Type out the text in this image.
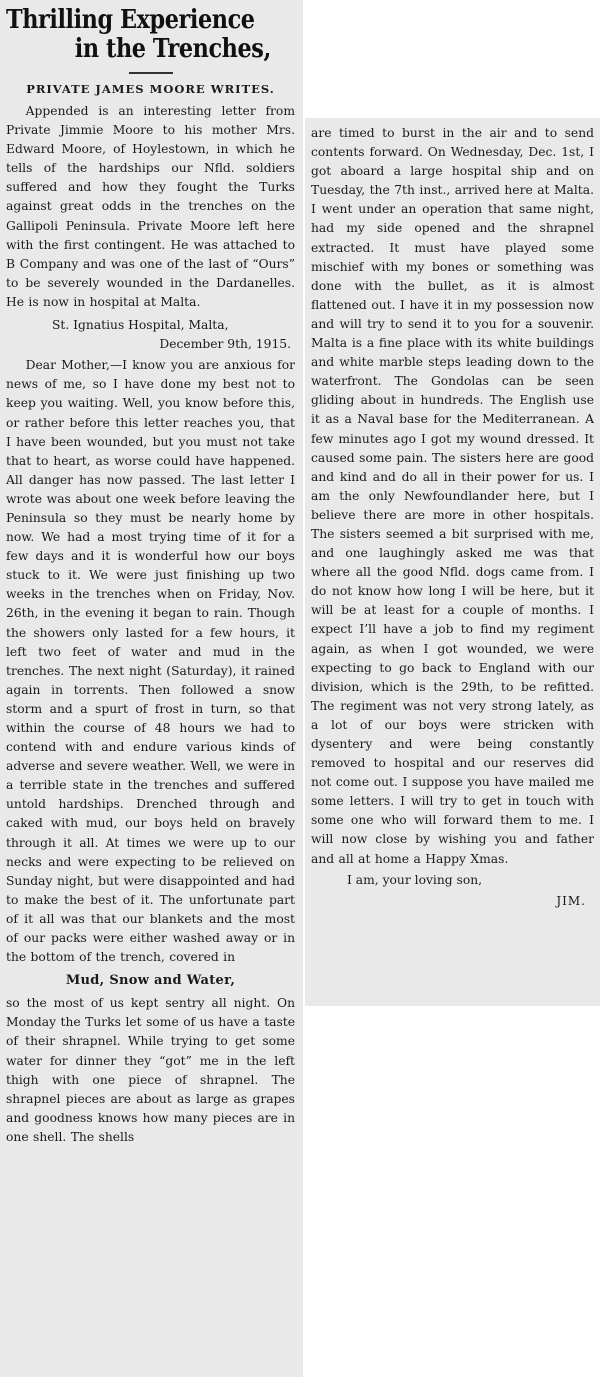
Thrilling Experience
in the Trenches,
PRIVATE JAMES MOORE WRITES.

Appended is an interesting letter from Private Jimmie Moore to his mother Mrs. Edward Moore, of Hoylestown, in which he tells of the hardships our Nfld. soldiers suffered and how they fought the Turks against great odds in the trenches on the Gallipoli Peninsula. Private Moore left here with the first contingent. He was attached to B Company and was one of the last of “Ours” to be severely wounded in the Dardanelles. He is now in hospital at Malta.

St. Ignatius Hospital, Malta,
December 9th, 1915.

Dear Mother,—I know you are anxious for news of me, so I have done my best not to keep you waiting. Well, you know before this, or rather before this letter reaches you, that I have been wounded, but you must not take that to heart, as worse could have happened. All danger has now passed. The last letter I wrote was about one week before leaving the Peninsula so they must be nearly home by now. We had a most trying time of it for a few days and it is wonderful how our boys stuck to it. We were just finishing up two weeks in the trenches when on Friday, Nov. 26th, in the evening it began to rain. Though the showers only lasted for a few hours, it left two feet of water and mud in the trenches. The next night (Saturday), it rained again in torrents. Then followed a snow storm and a spurt of frost in turn, so that within the course of 48 hours we had to contend with and endure various kinds of adverse and severe weather. Well, we were in a terrible state in the trenches and suffered untold hardships. Drenched through and caked with mud, our boys held on bravely through it all. At times we were up to our necks and were expecting to be relieved on Sunday night, but were disappointed and had to make the best of it. The unfortunate part of it all was that our blankets and the most of our packs were either washed away or in the bottom of the trench, covered in

Mud, Snow and Water,

so the most of us kept sentry all night. On Monday the Turks let some of us have a taste of their shrapnel. While trying to get some water for dinner they “got” me in the left thigh with one piece of shrapnel. The shrapnel pieces are about as large as grapes and goodness knows how many pieces are in one shell. The shells

are timed to burst in the air and to send contents forward. On Wednesday, Dec. 1st, I got aboard a large hospital ship and on Tuesday, the 7th inst., arrived here at Malta. I went under an operation that same night, had my side opened and the shrapnel extracted. It must have played some mischief with my bones or something was done with the bullet, as it is almost flattened out. I have it in my possession now and will try to send it to you for a souvenir. Malta is a fine place with its white buildings and white marble steps leading down to the waterfront. The Gondolas can be seen gliding about in hundreds. The English use it as a Naval base for the Mediterranean. A few minutes ago I got my wound dressed. It caused some pain. The sisters here are good and kind and do all in their power for us. I am the only Newfoundlander here, but I believe there are more in other hospitals. The sisters seemed a bit surprised with me, and one laughingly asked me was that where all the good Nfld. dogs came from. I do not know how long I will be here, but it will be at least for a couple of months. I expect I’ll have a job to find my regiment again, as when I got wounded, we were expecting to go back to England with our division, which is the 29th, to be refitted. The regiment was not very strong lately, as a lot of our boys were stricken with dysentery and were being constantly removed to hospital and our reserves did not come out. I suppose you have mailed me some letters. I will try to get in touch with some one who will forward them to me. I will now close by wishing you and father and all at home a Happy Xmas.

I am, your loving son,

JIM.
